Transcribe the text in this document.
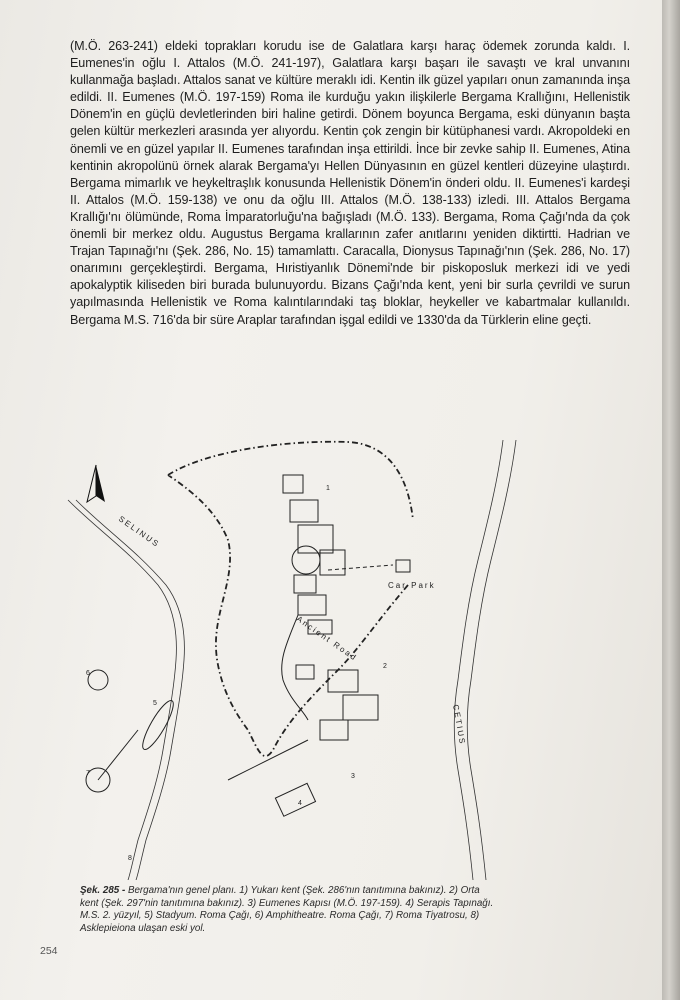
(M.Ö. 263-241) eldeki toprakları korudu ise de Galatlara karşı haraç ödemek zorunda kaldı. I. Eumenes'in oğlu I. Attalos (M.Ö. 241-197), Galatlara karşı başarı ile savaştı ve kral unvanını kullanmağa başladı. Attalos sanat ve kültüre meraklı idi. Kentin ilk güzel yapıları onun zamanında inşa edildi. II. Eumenes (M.Ö. 197-159) Roma ile kurduğu yakın ilişkilerle Bergama Krallığını, Hellenistik Dönem'in en güçlü devletlerinden biri haline getirdi. Dönem boyunca Bergama, eski dünyanın başta gelen kültür merkezleri arasında yer alıyordu. Kentin çok zengin bir kütüphanesi vardı. Akropoldeki en önemli ve en güzel yapılar II. Eumenes tarafından inşa ettirildi. İnce bir zevke sahip II. Eumenes, Atina kentinin akropolünü örnek alarak Bergama'yı Hellen Dünyasının en güzel kentleri düzeyine ulaştırdı. Bergama mimarlık ve heykeltraşlık konusunda Hellenistik Dönem'in önderi oldu. II. Eumenes'i kardeşi II. Attalos (M.Ö. 159-138) ve onu da oğlu III. Attalos (M.Ö. 138-133) izledi. III. Attalos Bergama Krallığı'nı ölümünde, Roma İmparatorluğu'na bağışladı (M.Ö. 133). Bergama, Roma Çağı'nda da çok önemli bir merkez oldu. Augustus Bergama krallarının zafer anıtlarını yeniden diktirtti. Hadrian ve Trajan Tapınağı'nı (Şek. 286, No. 15) tamamlattı. Caracalla, Dionysus Tapınağı'nın (Şek. 286, No. 17) onarımını gerçekleştirdi. Bergama, Hıristiyanlık Dönemi'nde bir piskoposluk merkezi idi ve yedi apokalyptik kiliseden biri burada bulunuyordu. Bizans Çağı'nda kent, yeni bir surla çevrildi ve surun yapılmasında Hellenistik ve Roma kalıntılarındaki taş bloklar, heykeller ve kabartmalar kullanıldı. Bergama M.S. 716'da bir süre Araplar tarafından işgal edildi ve 1330'da da Türklerin eline geçti.

SELINUS
CETIUS
Car Park
Ancient Road
2
3
4
5
6
7
8
1
Şek. 285 - Bergama'nın genel planı. 1) Yukarı kent (Şek. 286'nın tanıtımına bakınız). 2) Orta kent (Şek. 297'nin tanıtımına bakınız). 3) Eumenes Kapısı (M.Ö. 197-159). 4) Serapis Tapınağı. M.S. 2. yüzyıl, 5) Stadyum. Roma Çağı, 6) Amphitheatre. Roma Çağı, 7) Roma Tiyatrosu, 8) Asklepieiona ulaşan eski yol.
254
